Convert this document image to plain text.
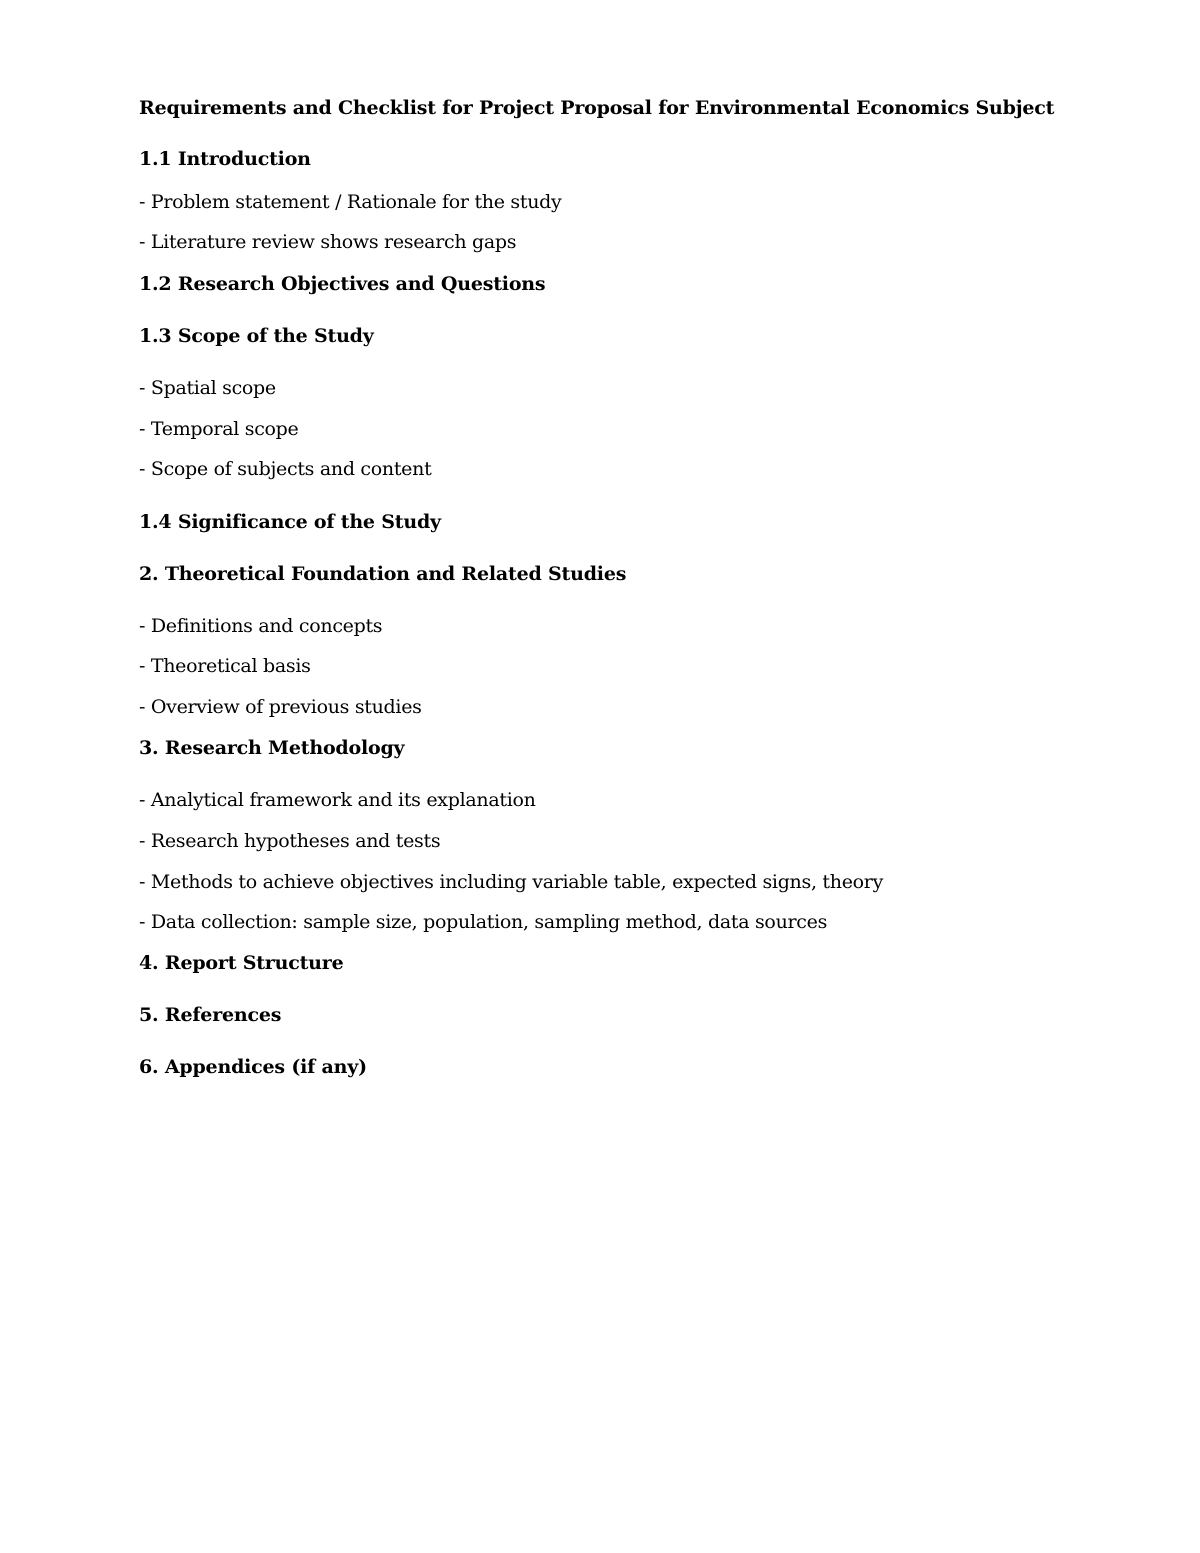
Requirements and Checklist for Project Proposal for Environmental Economics Subject
1.1 Introduction
- Problem statement / Rationale for the study
- Literature review shows research gaps
1.2 Research Objectives and Questions
1.3 Scope of the Study
- Spatial scope
- Temporal scope
- Scope of subjects and content
1.4 Significance of the Study
2. Theoretical Foundation and Related Studies
- Definitions and concepts
- Theoretical basis
- Overview of previous studies
3. Research Methodology
- Analytical framework and its explanation
- Research hypotheses and tests
- Methods to achieve objectives including variable table, expected signs, theory
- Data collection: sample size, population, sampling method, data sources
4. Report Structure
5. References
6. Appendices (if any)
